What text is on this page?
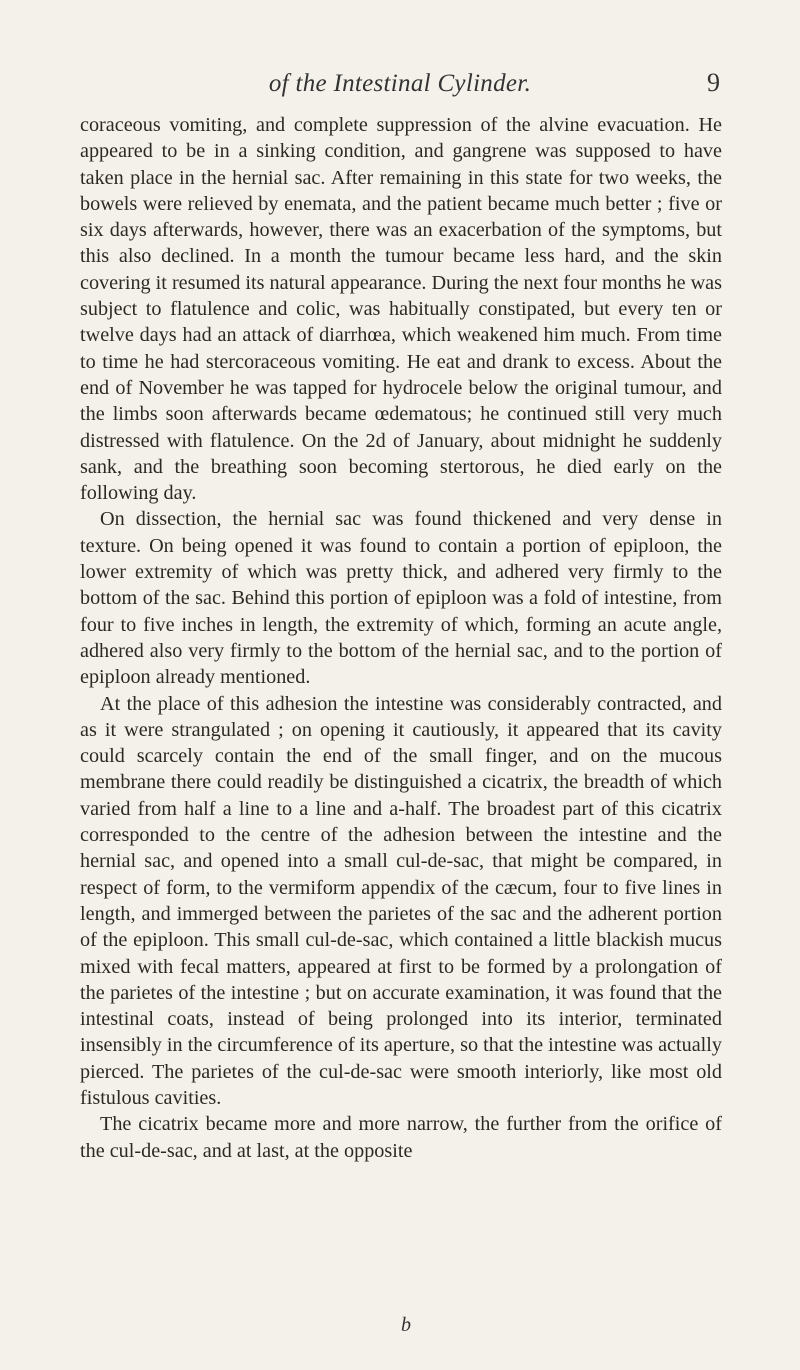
of the Intestinal Cylinder.	9

coraceous vomiting, and complete suppression of the alvine evacuation. He appeared to be in a sinking condition, and gangrene was supposed to have taken place in the hernial sac. After remaining in this state for two weeks, the bowels were relieved by enemata, and the patient became much better ; five or six days afterwards, however, there was an exacerbation of the symptoms, but this also declined. In a month the tumour became less hard, and the skin covering it resumed its natural appearance. During the next four months he was subject to flatulence and colic, was habitually constipated, but every ten or twelve days had an attack of diarrhœa, which weakened him much. From time to time he had stercoraceous vomiting. He eat and drank to excess. About the end of November he was tapped for hydrocele below the original tumour, and the limbs soon afterwards became œdematous; he continued still very much distressed with flatulence. On the 2d of January, about midnight he suddenly sank, and the breathing soon becoming stertorous, he died early on the following day.

On dissection, the hernial sac was found thickened and very dense in texture. On being opened it was found to contain a portion of epiploon, the lower extremity of which was pretty thick, and adhered very firmly to the bottom of the sac. Behind this portion of epiploon was a fold of intestine, from four to five inches in length, the extremity of which, forming an acute angle, adhered also very firmly to the bottom of the hernial sac, and to the portion of epiploon already mentioned.

At the place of this adhesion the intestine was considerably contracted, and as it were strangulated ; on opening it cautiously, it appeared that its cavity could scarcely contain the end of the small finger, and on the mucous membrane there could readily be distinguished a cicatrix, the breadth of which varied from half a line to a line and a-half. The broadest part of this cicatrix corresponded to the centre of the adhesion between the intestine and the hernial sac, and opened into a small cul-de-sac, that might be compared, in respect of form, to the vermiform appendix of the cæcum, four to five lines in length, and immerged between the parietes of the sac and the adherent portion of the epiploon. This small cul-de-sac, which contained a little blackish mucus mixed with fecal matters, appeared at first to be formed by a prolongation of the parietes of the intestine ; but on accurate examination, it was found that the intestinal coats, instead of being prolonged into its interior, terminated insensibly in the circumference of its aperture, so that the intestine was actually pierced. The parietes of the cul-de-sac were smooth interiorly, like most old fistulous cavities.

The cicatrix became more and more narrow, the further from the orifice of the cul-de-sac, and at last, at the opposite

b
